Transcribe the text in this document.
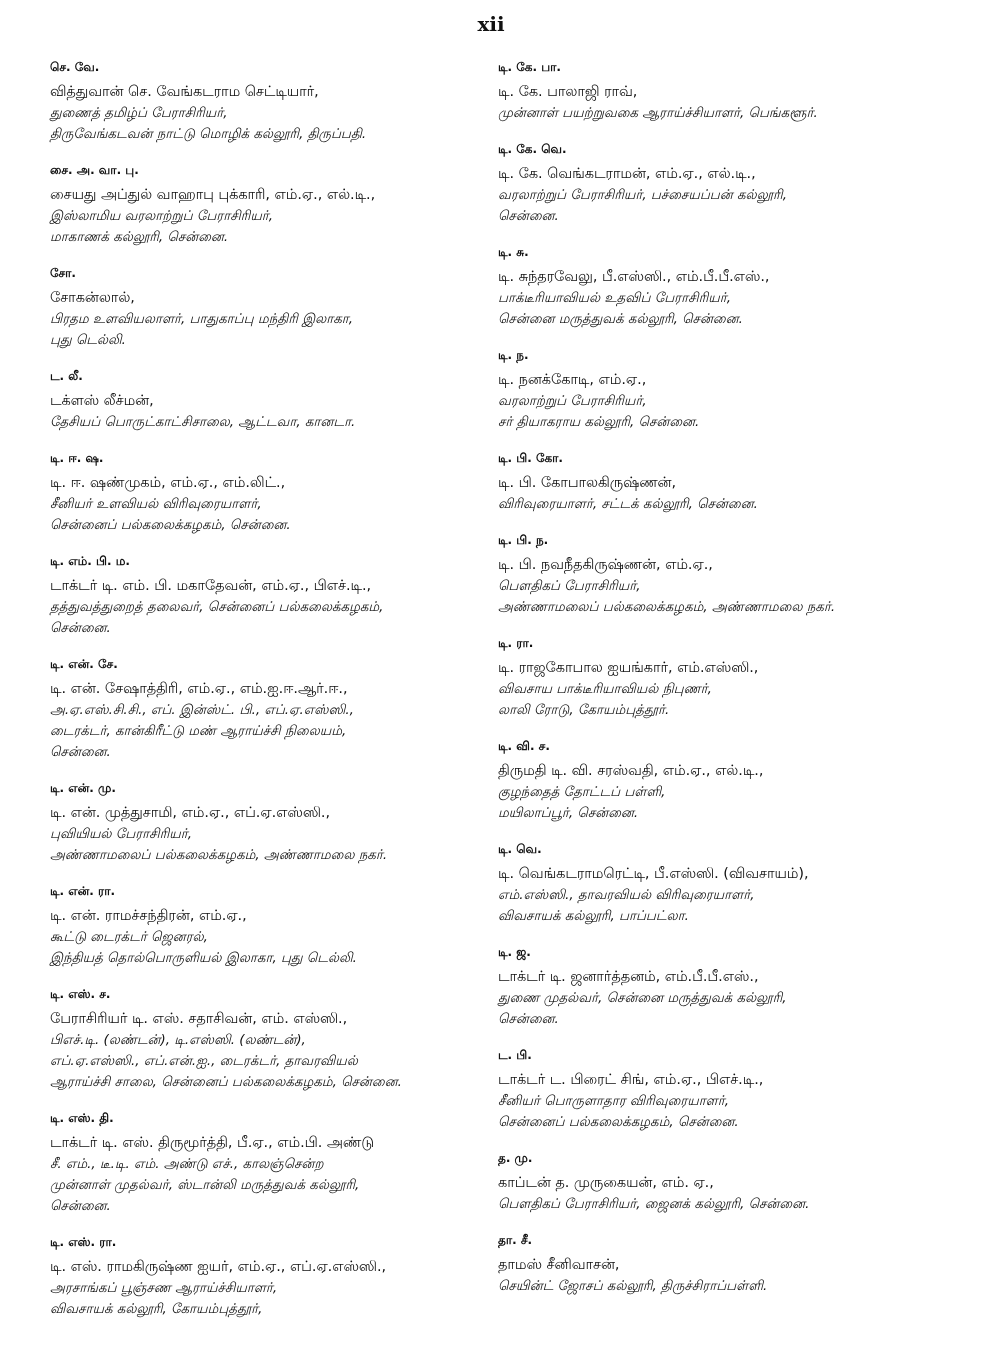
xii
செ. வே.
வித்துவான் செ. வேங்கடராம செட்டியார்,
துணைத் தமிழ்ப் பேராசிரியர்,
திருவேங்கடவன் நாட்டு மொழிக் கல்லூரி, திருப்பதி.
சை. அ. வா. பு.
சையது அப்துல் வாஹாபு புக்காரி, எம்.ஏ., எல்.டி.,
இஸ்லாமிய வரலாற்றுப் பேராசிரியர்,
மாகாணக் கல்லூரி, சென்னை.
சோ.
சோகன்லால்,
பிரதம உளவியலாளர், பாதுகாப்பு மந்திரி இலாகா,
புது டெல்லி.
ட. லீ.
டக்ளஸ் லீச்மன்,
தேசியப் பொருட்காட்சிசாலை, ஆட்டவா, கானடா.
டி. ஈ. ஷ.
டி. ஈ. ஷண்முகம், எம்.ஏ., எம்.லிட்.,
சீனியர் உளவியல் விரிவுரையாளர்,
சென்னைப் பல்கலைக்கழகம், சென்னை.
டி. எம். பி. ம.
டாக்டர் டி. எம். பி. மகாதேவன், எம்.ஏ., பிஎச்.டி.,
தத்துவத்துறைத் தலைவர், சென்னைப் பல்கலைக்கழகம்,
சென்னை.
டி. என். சே.
டி. என். சேஷாத்திரி, எம்.ஏ., எம்.ஐ.ஈ.ஆர்.ஈ.,
அ.ஏ.எஸ்.சி.சி., எப். இன்ஸ்ட். பி., எப்.ஏ.எஸ்ஸி.,
டைரக்டர், கான்கிரீட்டு மண் ஆராய்ச்சி நிலையம்,
சென்னை.
டி. என். மு.
டி. என். முத்துசாமி, எம்.ஏ., எப்.ஏ.எஸ்ஸி.,
புவியியல் பேராசிரியர்,
அண்ணாமலைப் பல்கலைக்கழகம், அண்ணாமலை நகர்.
டி. என். ரா.
டி. என். ராமச்சந்திரன், எம்.ஏ.,
கூட்டு டைரக்டர் ஜெனரல்,
இந்தியத் தொல்பொருளியல் இலாகா, புது டெல்லி.
டி. எஸ். ச.
பேராசிரியர் டி. எஸ். சதாசிவன், எம். எஸ்ஸி.,
பிஎச்.டி. (லண்டன்), டி.எஸ்ஸி. (லண்டன்),
எப்.ஏ.எஸ்ஸி., எப்.என்.ஐ., டைரக்டர், தாவரவியல்
ஆராய்ச்சி சாலை, சென்னைப் பல்கலைக்கழகம், சென்னை.
டி. எஸ். தி.
டாக்டர் டி. எஸ். திருமூர்த்தி, பீ.ஏ., எம்.பி. அண்டு
சீ. எம்., டீ.டி. எம். அண்டு எச்., காலஞ்சென்ற
முன்னாள் முதல்வர், ஸ்டான்லி மருத்துவக் கல்லூரி,
சென்னை.
டி. எஸ். ரா.
டி. எஸ். ராமகிருஷ்ண ஐயர், எம்.ஏ., எப்.ஏ.எஸ்ஸி.,
அரசாங்கப் பூஞ்சண ஆராய்ச்சியாளர்,
விவசாயக் கல்லூரி, கோயம்புத்தூர்,
டி. கே. பா.
டி. கே. பாலாஜி ராவ்,
முன்னாள் பயற்றுவகை ஆராய்ச்சியாளர், பெங்களூர்.
டி. கே. வெ.
டி. கே. வெங்கடராமன், எம்.ஏ., எல்.டி.,
வரலாற்றுப் பேராசிரியர், பச்சையப்பன் கல்லூரி,
சென்னை.
டி. சு.
டி. சுந்தரவேலு, பீ.எஸ்ஸி., எம்.பீ.பீ.எஸ்.,
பாக்டீரியாவியல் உதவிப் பேராசிரியர்,
சென்னை மருத்துவக் கல்லூரி, சென்னை.
டி. ந.
டி. நனக்கோடி, எம்.ஏ.,
வரலாற்றுப் பேராசிரியர்,
சர் தியாகராய கல்லூரி, சென்னை.
டி. பி. கோ.
டி. பி. கோபாலகிருஷ்ணன்,
விரிவுரையாளர், சட்டக் கல்லூரி, சென்னை.
டி. பி. ந.
டி. பி. நவநீதகிருஷ்ணன், எம்.ஏ.,
பௌதிகப் பேராசிரியர்,
அண்ணாமலைப் பல்கலைக்கழகம், அண்ணாமலை நகர்.
டி. ரா.
டி. ராஜகோபால ஐயங்கார், எம்.எஸ்ஸி.,
விவசாய பாக்டீரியாவியல் நிபுணர்,
லாலி ரோடு, கோயம்புத்தூர்.
டி. வி. ச.
திருமதி டி. வி. சரஸ்வதி, எம்.ஏ., எல்.டி.,
குழந்தைத் தோட்டப் பள்ளி,
மயிலாப்பூர், சென்னை.
டி. வெ.
டி. வெங்கடராமரெட்டி, பீ.எஸ்ஸி. (விவசாயம்),
எம்.எஸ்ஸி., தாவரவியல் விரிவுரையாளர்,
விவசாயக் கல்லூரி, பாப்பட்லா.
டி. ஜ.
டாக்டர் டி. ஜனார்த்தனம், எம்.பீ.பீ.எஸ்.,
துணை முதல்வர், சென்னை மருத்துவக் கல்லூரி,
சென்னை.
ட. பி.
டாக்டர் ட. பிரைட் சிங், எம்.ஏ., பிஎச்.டி.,
சீனியர் பொருளாதார விரிவுரையாளர்,
சென்னைப் பல்கலைக்கழகம், சென்னை.
த. மு.
காப்டன் த. முருகையன், எம். ஏ.,
பௌதிகப் பேராசிரியர், ஜைனக் கல்லூரி, சென்னை.
தா. சீ.
தாமஸ் சீனிவாசன்,
செயின்ட் ஜோசப் கல்லூரி, திருச்சிராப்பள்ளி.
